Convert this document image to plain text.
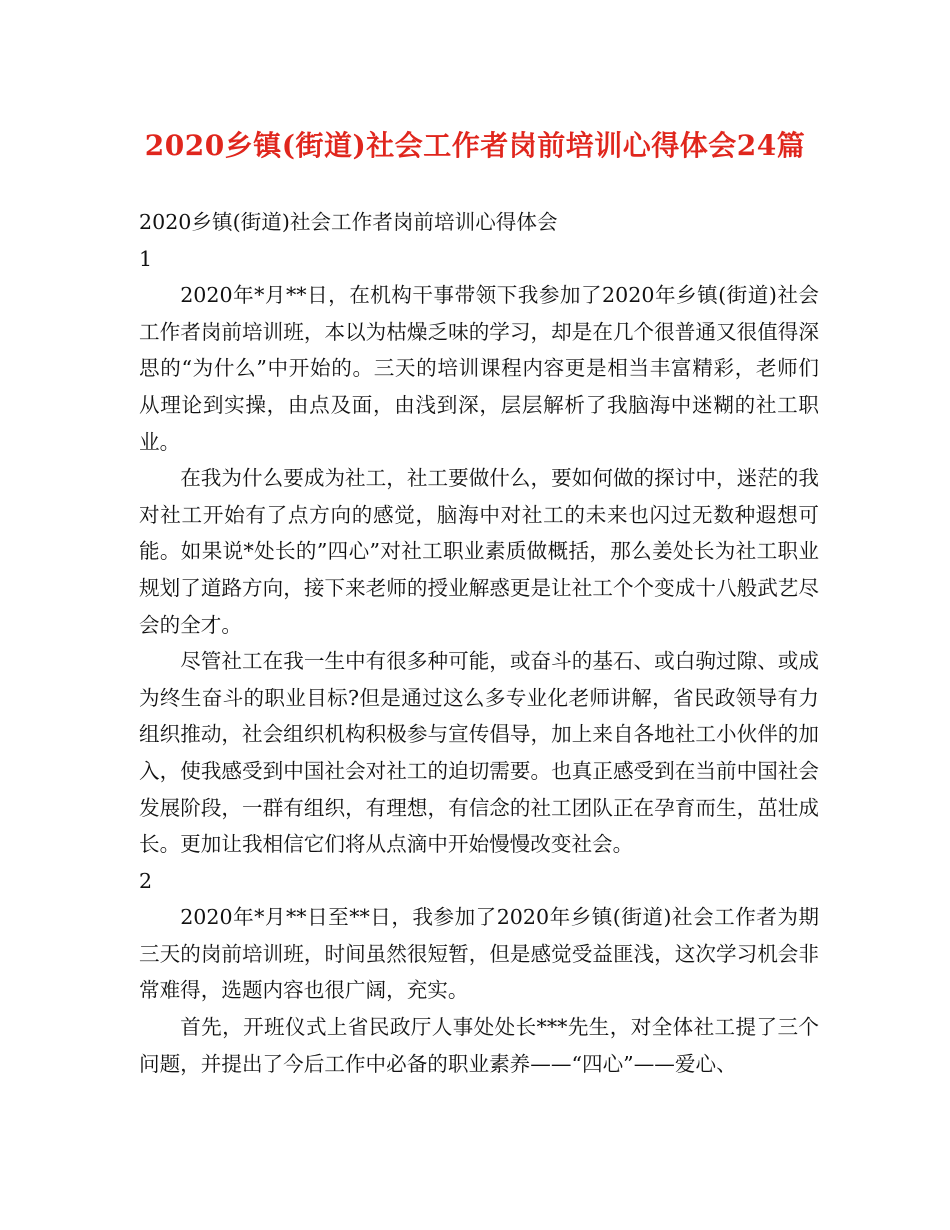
2020乡镇(街道)社会工作者岗前培训心得体会24篇

2020乡镇(街道)社会工作者岗前培训心得体会

1

2020年*月**日，在机构干事带领下我参加了2020年乡镇(街道)社会工作者岗前培训班，本以为枯燥乏味的学习，却是在几个很普通又很值得深思的“为什么”中开始的。三天的培训课程内容更是相当丰富精彩，老师们从理论到实操，由点及面，由浅到深，层层解析了我脑海中迷糊的社工职业。

在我为什么要成为社工，社工要做什么，要如何做的探讨中，迷茫的我对社工开始有了点方向的感觉，脑海中对社工的未来也闪过无数种遐想可能。如果说*处长的”四心”对社工职业素质做概括，那么姜处长为社工职业规划了道路方向，接下来老师的授业解惑更是让社工个个变成十八般武艺尽会的全才。

尽管社工在我一生中有很多种可能，或奋斗的基石、或白驹过隙、或成为终生奋斗的职业目标?但是通过这么多专业化老师讲解，省民政领导有力组织推动，社会组织机构积极参与宣传倡导，加上来自各地社工小伙伴的加入，使我感受到中国社会对社工的迫切需要。也真正感受到在当前中国社会发展阶段，一群有组织，有理想，有信念的社工团队正在孕育而生，茁壮成长。更加让我相信它们将从点滴中开始慢慢改变社会。

2

2020年*月**日至**日，我参加了2020年乡镇(街道)社会工作者为期三天的岗前培训班，时间虽然很短暂，但是感觉受益匪浅，这次学习机会非常难得，选题内容也很广阔，充实。

首先，开班仪式上省民政厅人事处处长***先生，对全体社工提了三个问题，并提出了今后工作中必备的职业素养——“四心”——爱心、
